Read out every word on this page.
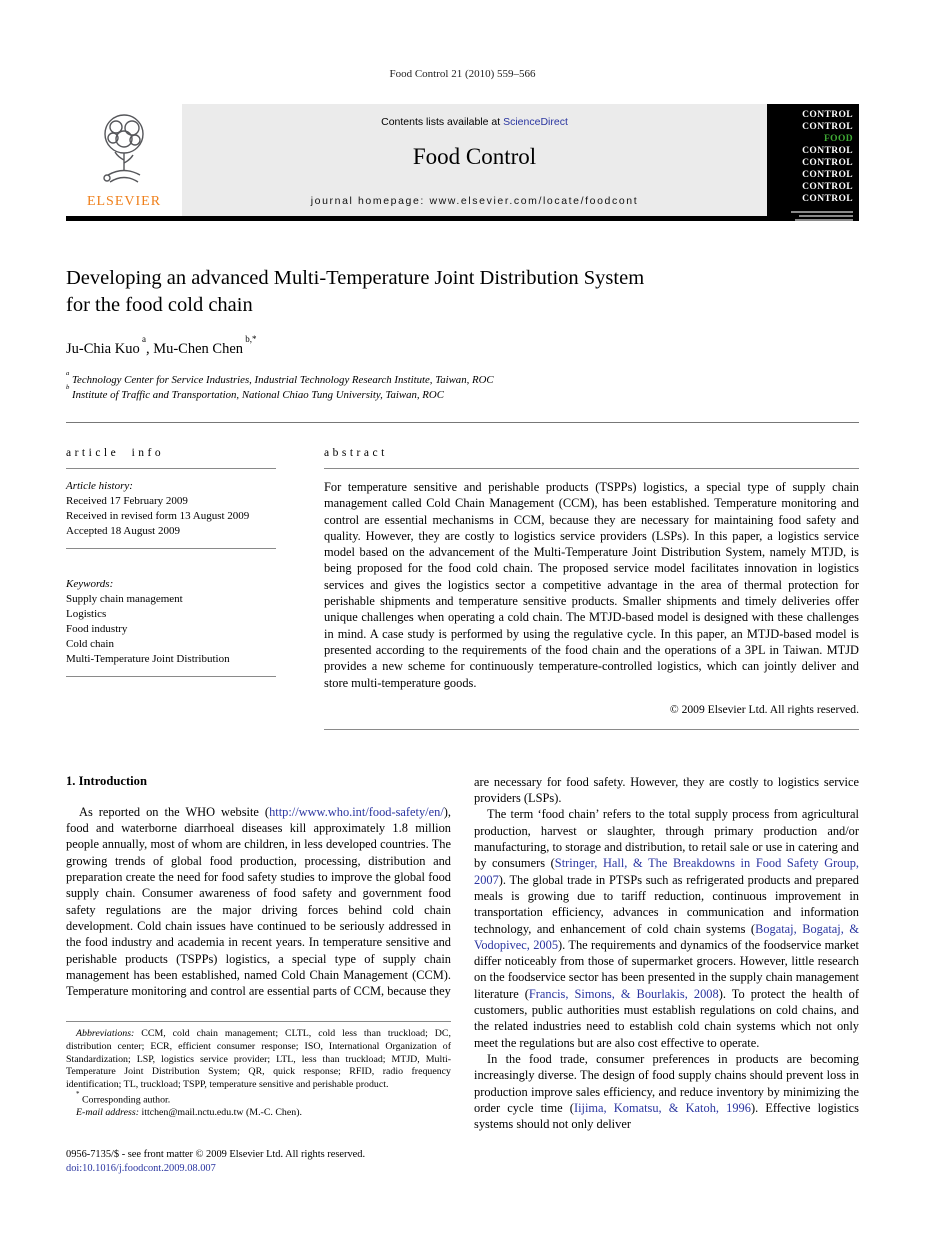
Food Control 21 (2010) 559–566
ELSEVIER
Contents lists available at ScienceDirect
Food Control
journal homepage: www.elsevier.com/locate/foodcont
CONTROL
CONTROL
FOOD CONTROL
CONTROL
CONTROL
CONTROL
CONTROL
CONTROL
Developing an advanced Multi-Temperature Joint Distribution System
for the food cold chain
Ju-Chia Kuo $^a$, Mu-Chen Chen $^{b,*}$
$^a$ Technology Center for Service Industries, Industrial Technology Research Institute, Taiwan, ROC
$^b$ Institute of Traffic and Transportation, National Chiao Tung University, Taiwan, ROC
article info
Article history:
Received 17 February 2009
Received in revised form 13 August 2009
Accepted 18 August 2009
Keywords:
Supply chain management
Logistics
Food industry
Cold chain
Multi-Temperature Joint Distribution
abstract

For temperature sensitive and perishable products (TSPPs) logistics, a special type of supply chain management called Cold Chain Management (CCM), has been established. Temperature monitoring and control are essential mechanisms in CCM, because they are necessary for maintaining food safety and quality. However, they are costly to logistics service providers (LSPs). In this paper, a logistics service model based on the advancement of the Multi-Temperature Joint Distribution System, namely MTJD, is being proposed for the food cold chain. The proposed service model facilitates innovation in logistics services and gives the logistics sector a competitive advantage in the area of thermal protection for perishable shipments and temperature sensitive products. Smaller shipments and timely deliveries offer unique challenges when operating a cold chain. The MTJD-based model is designed with these challenges in mind. A case study is performed by using the regulative cycle. In this paper, an MTJD-based model is presented according to the requirements of the food chain and the operations of a 3PL in Taiwan. MTJD provides a new scheme for continuously temperature-controlled logistics, which can jointly deliver and store multi-temperature goods.

© 2009 Elsevier Ltd. All rights reserved.
1. Introduction

As reported on the WHO website (http://www.who.int/food-safety/en/), food and waterborne diarrhoeal diseases kill approximately 1.8 million people annually, most of whom are children, in less developed countries. The growing trends of global food production, processing, distribution and preparation create the need for food safety studies to improve the global food supply chain. Consumer awareness of food safety and government food safety regulations are the major driving forces behind cold chain development. Cold chain issues have continued to be seriously addressed in the food industry and academia in recent years. In temperature sensitive and perishable products (TSPPs) logistics, a special type of supply chain management has been established, named Cold Chain Management (CCM). Temperature monitoring and control are essential parts of CCM, because they

Abbreviations: CCM, cold chain management; CLTL, cold less than truckload; DC, distribution center; ECR, efficient consumer response; ISO, International Organization of Standardization; LSP, logistics service provider; LTL, less than truckload; MTJD, Multi-Temperature Joint Distribution System; QR, quick response; RFID, radio frequency identification; TL, truckload; TSPP, temperature sensitive and perishable product.

* Corresponding author.

E-mail address: ittchen@mail.nctu.edu.tw (M.-C. Chen).

are necessary for food safety. However, they are costly to logistics service providers (LSPs).

The term ‘food chain’ refers to the total supply process from agricultural production, harvest or slaughter, through primary production and/or manufacturing, to storage and distribution, to retail sale or use in catering and by consumers (Stringer, Hall, & The Breakdowns in Food Safety Group, 2007). The global trade in PTSPs such as refrigerated products and prepared meals is growing due to tariff reduction, continuous improvement in transportation efficiency, advances in communication and information technology, and enhancement of cold chain systems (Bogataj, Bogataj, & Vodopivec, 2005). The requirements and dynamics of the foodservice market differ noticeably from those of supermarket grocers. However, little research on the foodservice sector has been presented in the supply chain management literature (Francis, Simons, & Bourlakis, 2008). To protect the health of customers, public authorities must establish regulations on cold chains, and the related industries need to establish cold chain systems which not only meet the regulations but are also cost effective to operate.

In the food trade, consumer preferences in products are becoming increasingly diverse. The design of food supply chains should prevent loss in production improve sales efficiency, and reduce inventory by minimizing the order cycle time (Iijima, Komatsu, & Katoh, 1996). Effective logistics systems should not only deliver

0956-7135/$ - see front matter © 2009 Elsevier Ltd. All rights reserved.
doi:10.1016/j.foodcont.2009.08.007
